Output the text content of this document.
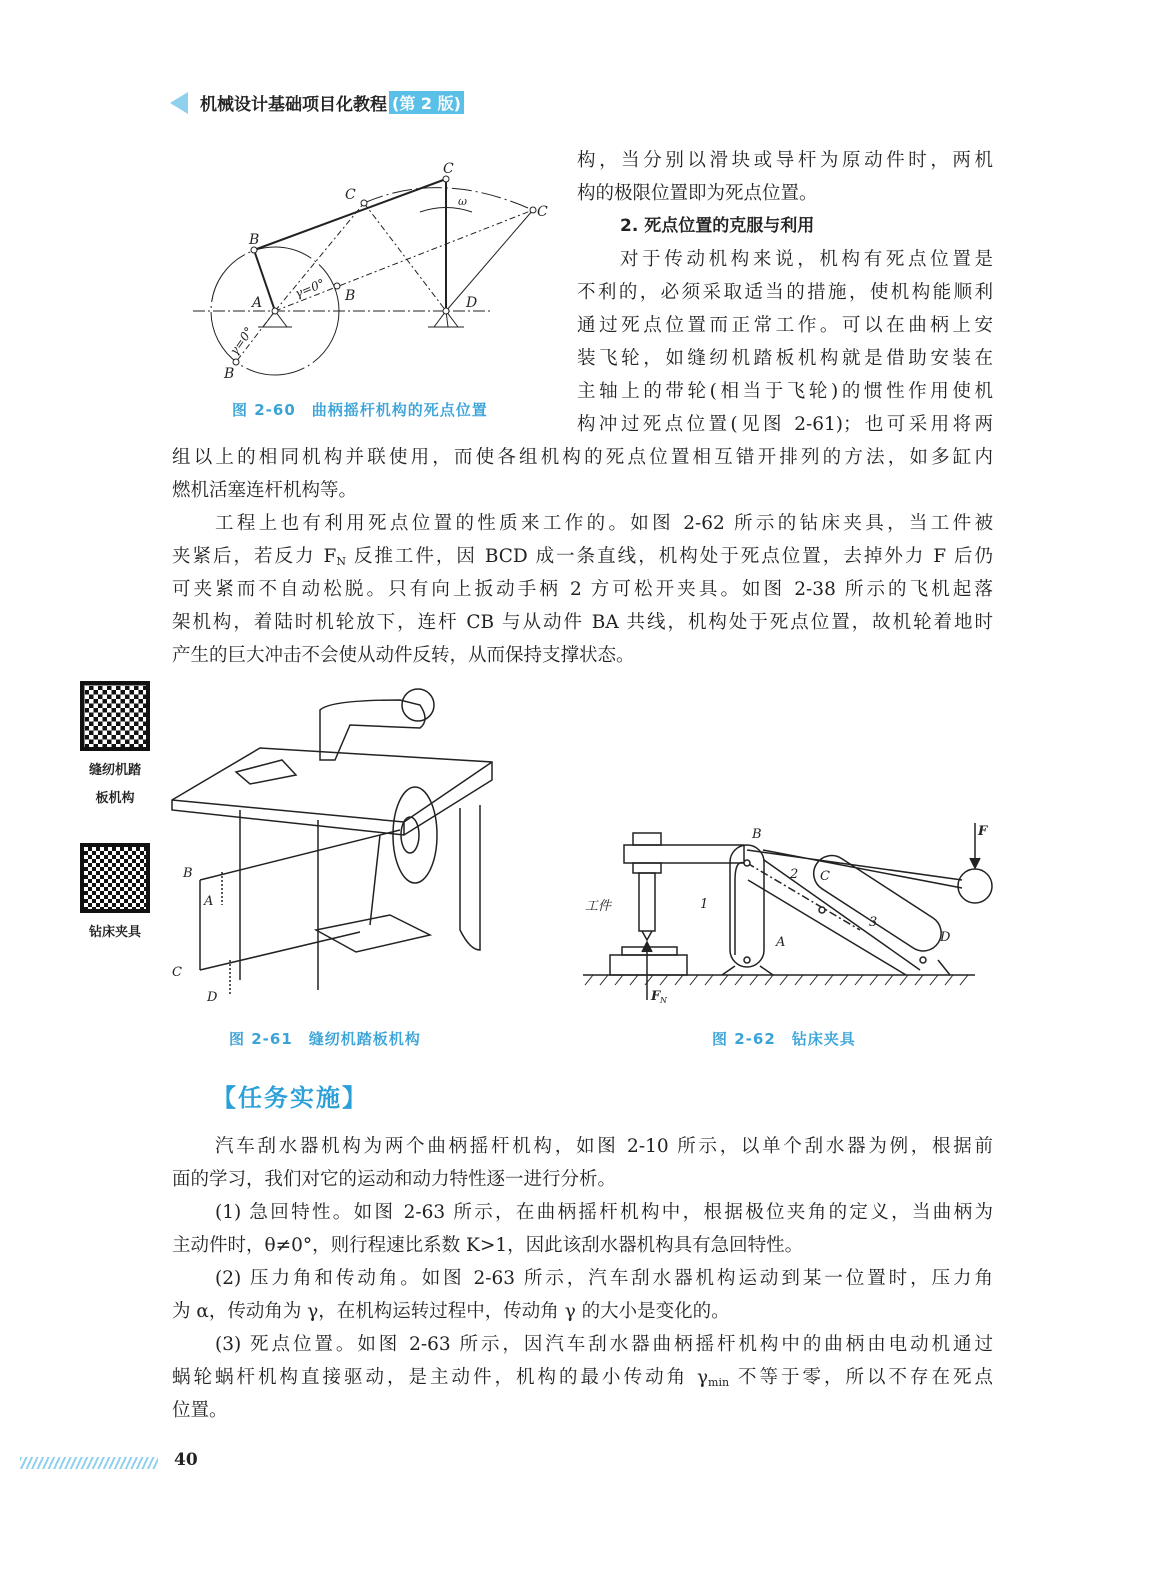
机械设计基础项目化教程 (第 2 版)
B
C
C
C
A	D
B
B
ω
γ=0°
γ=0°
图 2-60　曲柄摇杆机构的死点位置
构，当分别以滑块或导杆为原动件时，两机
构的极限位置即为死点位置。
2. 死点位置的克服与利用
缝纫机踏
板机构
钻床夹具
B
A
C
D
图 2-61　缝纫机踏板机构
B
C
A	D
F
F N
1
2
3
工件
图 2-62　钻床夹具
【任务实施】
40
对于传动机构来说，机构有死点位置是
不利的，必须采取适当的措施，使机构能顺利
通过死点位置而正常工作。可以在曲柄上安
装飞轮，如缝纫机踏板机构就是借助安装在
主轴上的带轮(相当于飞轮)的惯性作用使机
构冲过死点位置(见图 2-61)；也可采用将两
组以上的相同机构并联使用，而使各组机构的死点位置相互错开排列的方法，如多缸内
燃机活塞连杆机构等。
工程上也有利用死点位置的性质来工作的。如图 2-62 所示的钻床夹具，当工件被
夹紧后，若反力 $F_N$ 反推工件，因 BCD 成一条直线，机构处于死点位置，去掉外力 F 后仍
可夹紧而不自动松脱。只有向上扳动手柄 2 方可松开夹具。如图 2-38 所示的飞机起落
架机构，着陆时机轮放下，连杆 CB 与从动件 BA 共线，机构处于死点位置，故机轮着地时
产生的巨大冲击不会使从动件反转，从而保持支撑状态。
汽车刮水器机构为两个曲柄摇杆机构，如图 2-10 所示，以单个刮水器为例，根据前
面的学习，我们对它的运动和动力特性逐一进行分析。
(1) 急回特性。如图 2-63 所示，在曲柄摇杆机构中，根据极位夹角的定义，当曲柄为
主动件时，θ≠0°，则行程速比系数 K>1，因此该刮水器机构具有急回特性。
(2) 压力角和传动角。如图 2-63 所示，汽车刮水器机构运动到某一位置时，压力角
为 α，传动角为 γ，在机构运转过程中，传动角 γ 的大小是变化的。
(3) 死点位置。如图 2-63 所示，因汽车刮水器曲柄摇杆机构中的曲柄由电动机通过
蜗轮蜗杆机构直接驱动，是主动件，机构的最小传动角 $\gamma_{min}$ 不等于零，所以不存在死点
位置。
